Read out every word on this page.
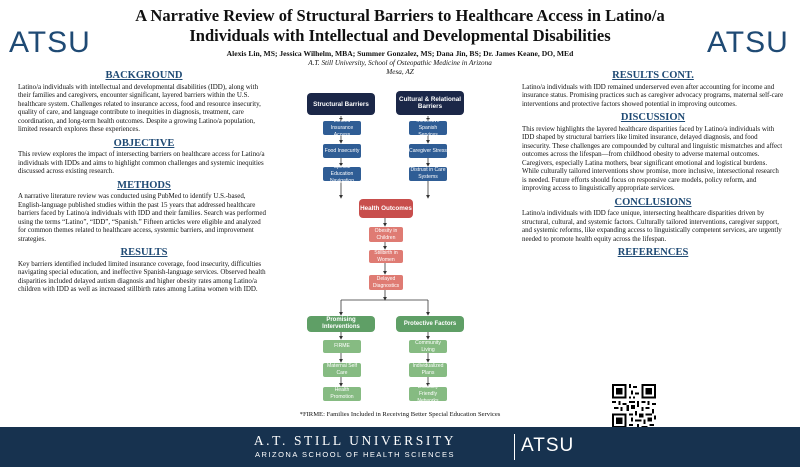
ATSU	ATSU
A Narrative Review of Structural Barriers to Healthcare Access in Latino/a Individuals with Intellectual and Developmental Disabilities
Alexis Lin, MS; Jessica Wilhelm, MBA; Summer Gonzalez, MS; Dana Jin, BS; Dr. James Keane, DO, MEd
A.T. Still University, School of Osteopathic Medicine in Arizona
Mesa, AZ
BACKGROUND

Latino/a individuals with intellectual and developmental disabilities (IDD), along with their families and caregivers, encounter significant, layered barriers within the U.S. healthcare system. Challenges related to insurance access, food and resource insecurity, quality of care, and language contribute to inequities in diagnosis, treatment, care coordination, and long-term health outcomes. Despite a growing Latino/a population, limited research explores these experiences.

OBJECTIVE

This review explores the impact of intersecting barriers on healthcare access for Latino/a individuals with IDDs and aims to highlight common challenges and systemic inequities discussed across existing research.

METHODS

A narrative literature review was conducted using PubMed to identify U.S.-based, English-language published studies within the past 15 years that addressed healthcare barriers faced by Latino/a individuals with IDD and their families. Search was performed using the terms “Latino”, “IDD”, “Spanish.” Fifteen articles were eligible and analyzed for common themes related to healthcare access, systemic barriers, and improvement strategies.

RESULTS

Key barriers identified included limited insurance coverage, food insecurity, difficulties navigating special education, and ineffective Spanish-language services. Observed health disparities included delayed autism diagnosis and higher obesity rates among Latino/a children with IDD as well as increased stillbirth rates among Latina women with IDD.

Structural Barriers
Cultural & Relational Barriers
Limited Insurance Access
Food Insecurity
Special Education Navigation
Ineffective Spanish Services
Caregiver Stress
Distrust in Care Systems
Health Outcomes
Obesity in Children
Stillbirth in Women
Delayed Diagnostics
Promising Interventions
Protective Factors
FIRME
Maternal Self Care
Health Promotion
Community Living
Individualized Plans
Disability Friendly Networks
*FIRME: Families Included in Receiving Better Special Education Services
RESULTS CONT.

Latino/a individuals with IDD remained underserved even after accounting for income and insurance status. Promising practices such as caregiver advocacy programs, maternal self-care interventions and protective factors showed potential in improving outcomes.

DISCUSSION

This review highlights the layered healthcare disparities faced by Latino/a individuals with IDD shaped by structural barriers like limited insurance, delayed diagnosis, and food insecurity. These challenges are compounded by cultural and linguistic mismatches and affect outcomes across the lifespan—from childhood obesity to adverse maternal outcomes. Caregivers, especially Latina mothers, bear significant emotional and logistical burdens. While culturally tailored interventions show promise, more inclusive, intersectional research is needed. Future efforts should focus on responsive care models, policy reform, and improving access to linguistically appropriate services.

CONCLUSIONS

Latino/a individuals with IDD face unique, intersecting healthcare disparities driven by structural, cultural, and systemic factors. Culturally tailored interventions, caregiver support, and systemic reforms, like expanding access to linguistically competent services, are urgently needed to promote health equity across the lifespan.

REFERENCES
A.T. STILL UNIVERSITY
ARIZONA SCHOOL OF HEALTH SCIENCES	ATSU
